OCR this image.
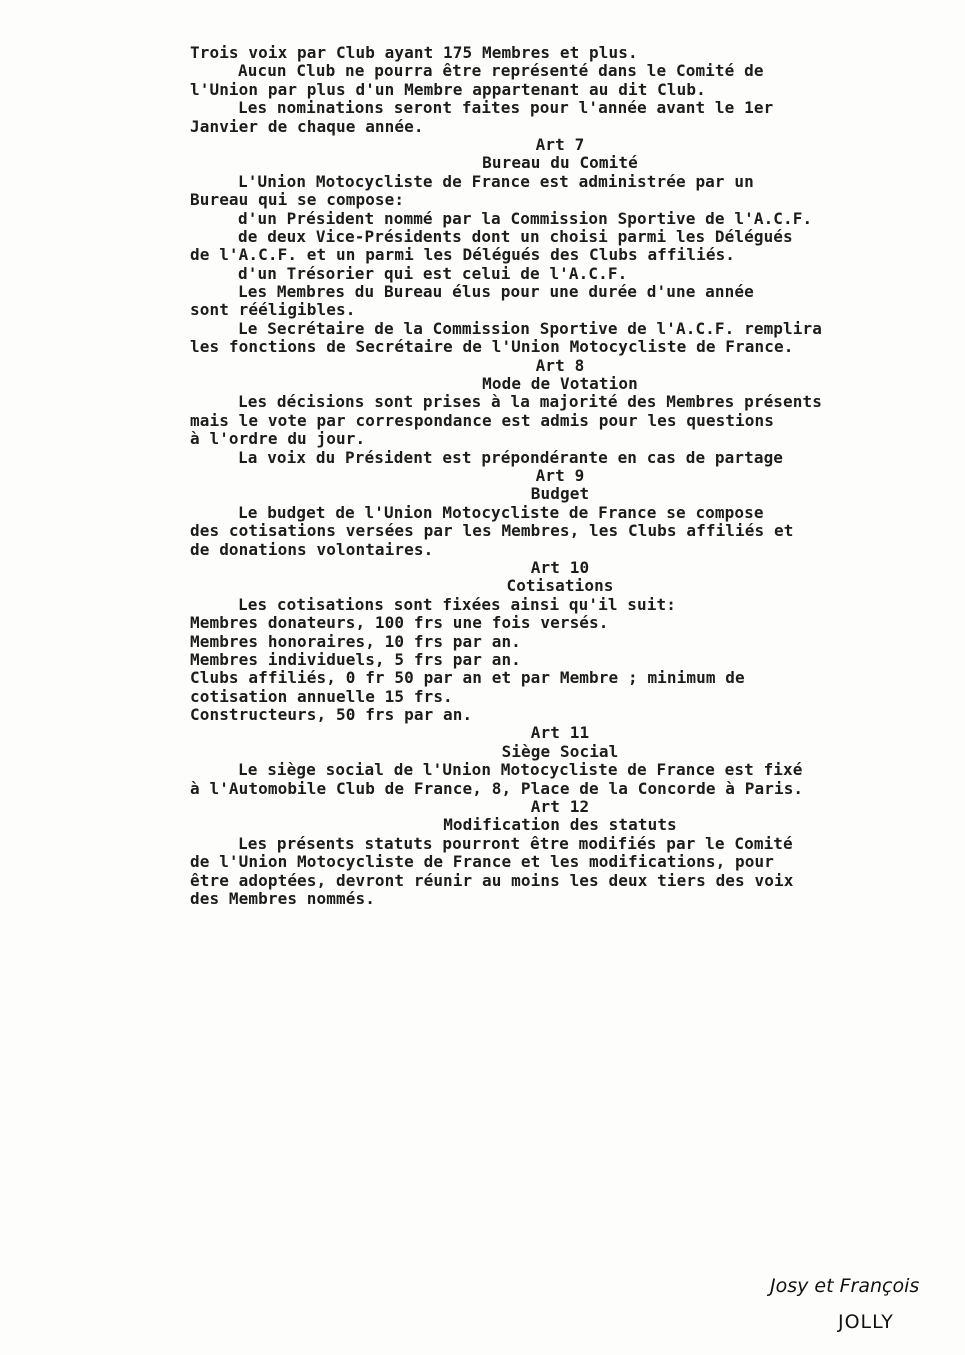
Trois voix par Club ayant 175 Membres et plus.
Aucun Club ne pourra être représenté dans le Comité de
l'Union par plus d'un Membre appartenant au dit Club.
Les nominations seront faites pour l'année avant le 1er
Janvier de chaque année.
Art 7
Bureau du Comité
L'Union Motocycliste de France est administrée par un
Bureau qui se compose:
d'un Président nommé par la Commission Sportive de l'A.C.F.
de deux Vice-Présidents dont un choisi parmi les Délégués
de l'A.C.F. et un parmi les Délégués des Clubs affiliés.
d'un Trésorier qui est celui de l'A.C.F.
Les Membres du Bureau élus pour une durée d'une année
sont rééligibles.
Le Secrétaire de la Commission Sportive de l'A.C.F. remplira
les fonctions de Secrétaire de l'Union Motocycliste de France.
Art 8
Mode de Votation
Les décisions sont prises à la majorité des Membres présents
mais le vote par correspondance est admis pour les questions
à l'ordre du jour.
La voix du Président est prépondérante en cas de partage
Art 9
Budget
Le budget de l'Union Motocycliste de France se compose
des cotisations versées par les Membres, les Clubs affiliés et
de donations volontaires.
Art 10
Cotisations
Les cotisations sont fixées ainsi qu'il suit:
Membres donateurs, 100 frs une fois versés.
Membres honoraires, 10 frs par an.
Membres individuels, 5 frs par an.
Clubs affiliés, 0 fr 50 par an et par Membre ; minimum de
cotisation annuelle 15 frs.
Constructeurs, 50 frs par an.
Art 11
Siège Social
Le siège social de l'Union Motocycliste de France est fixé
à l'Automobile Club de France, 8, Place de la Concorde à Paris.
Art 12
Modification des statuts
Les présents statuts pourront être modifiés par le Comité
de l'Union Motocycliste de France et les modifications, pour
être adoptées, devront réunir au moins les deux tiers des voix
des Membres nommés.
Josy et François
JOLLY
